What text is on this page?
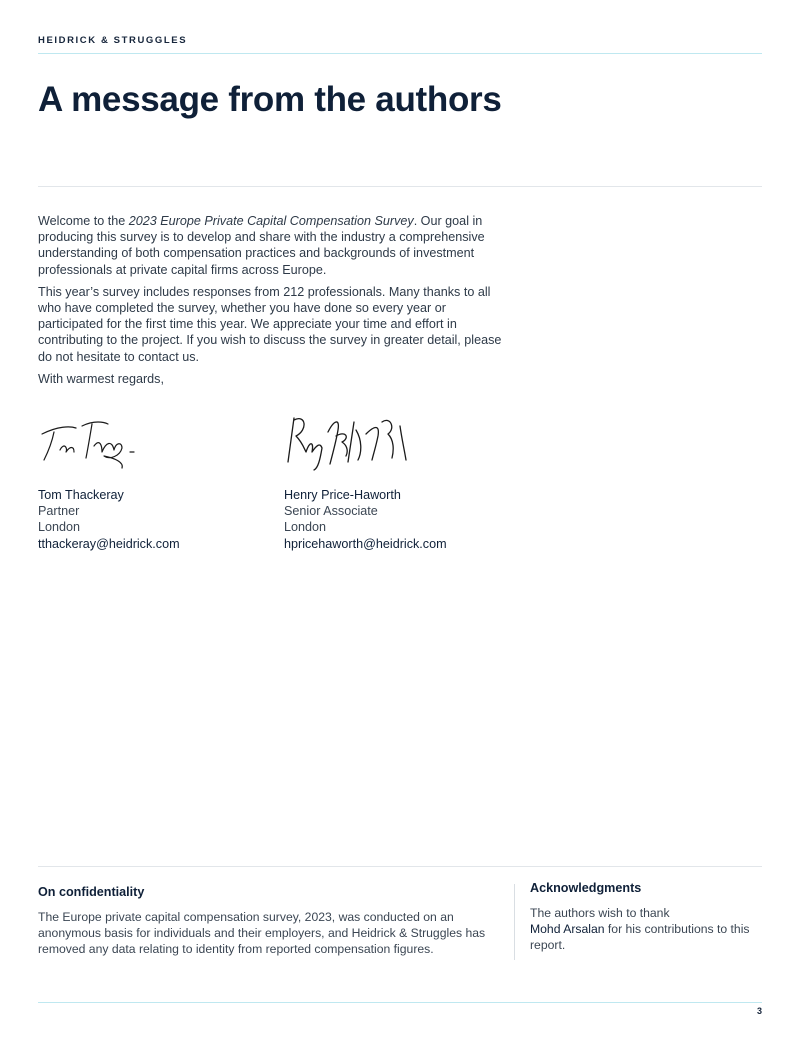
HEIDRICK & STRUGGLES
A message from the authors

Welcome to the 2023 Europe Private Capital Compensation Survey. Our goal in producing this survey is to develop and share with the industry a comprehensive understanding of both compensation practices and backgrounds of investment professionals at private capital firms across Europe.

This year’s survey includes responses from 212 professionals. Many thanks to all who have completed the survey, whether you have done so every year or participated for the first time this year. We appreciate your time and effort in contributing to the project. If you wish to discuss the survey in greater detail, please do not hesitate to contact us.

With warmest regards,

Tom Thackeray
Partner
London
tthackeray@heidrick.com
Henry Price-Haworth
Senior Associate
London
hpricehaworth@heidrick.com
On confidentiality

The Europe private capital compensation survey, 2023, was conducted on an anonymous basis for individuals and their employers, and Heidrick & Struggles has removed any data relating to identity from reported compensation figures.

Acknowledgments

The authors wish to thank
Mohd Arsalan for his contributions to this report.

3
